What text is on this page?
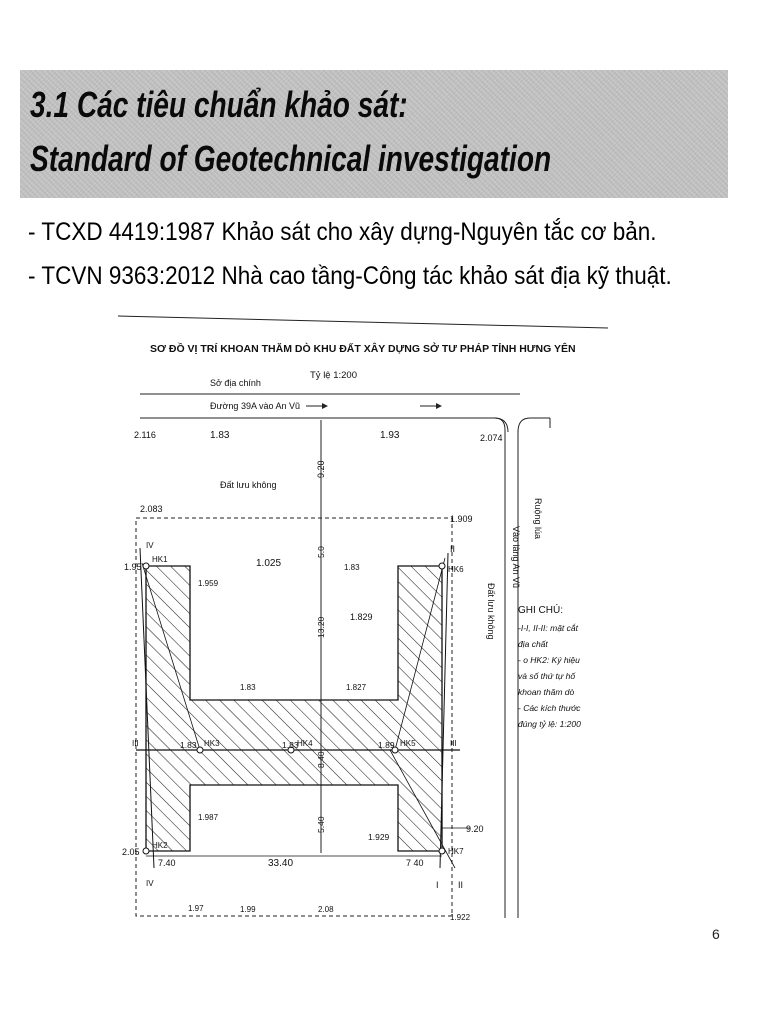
3.1 Các tiêu chuẩn khảo sát:
Standard of Geotechnical investigation
- TCXD 4419:1987 Khảo sát cho xây dựng-Nguyên tắc cơ bản.
- TCVN 9363:2012 Nhà cao tầng-Công tác khảo sát địa kỹ thuật.
SƠ ĐỒ VỊ TRÍ KHOAN THĂM DÒ KHU ĐẤT XÂY DỰNG SỞ TƯ PHÁP TỈNH HƯNG YÊN
Tỷ lệ 1:200
Sở địa chính
Đường 39A vào An Vũ
2.116	1.83	1.93	2.074
9.20
Đất lưu không
2.083
1.909
Vào làng An Vũ
Ruộng lúa
Đất lưu không
IV
IV
II
II
I
III	III
HK1
HK2
HK3	HK4	HK5
HK6
HK7
1.95
1.959
1.025	1.83
1.829
1.83	1.827
1.83	1.83	1.89
1.987
1.929
2.05
5.0
13.20
8.40
5.40
7.40	33.40	7 40
9.20
1.97	1.99	2.08
1.922
GHI CHÚ:
-I-I, II-II: mặt cắt
địa chất
- o HK2: Ký hiệu
và số thứ tự hố
khoan thăm dò
- Các kích thước
đúng tỷ lệ: 1:200
6
